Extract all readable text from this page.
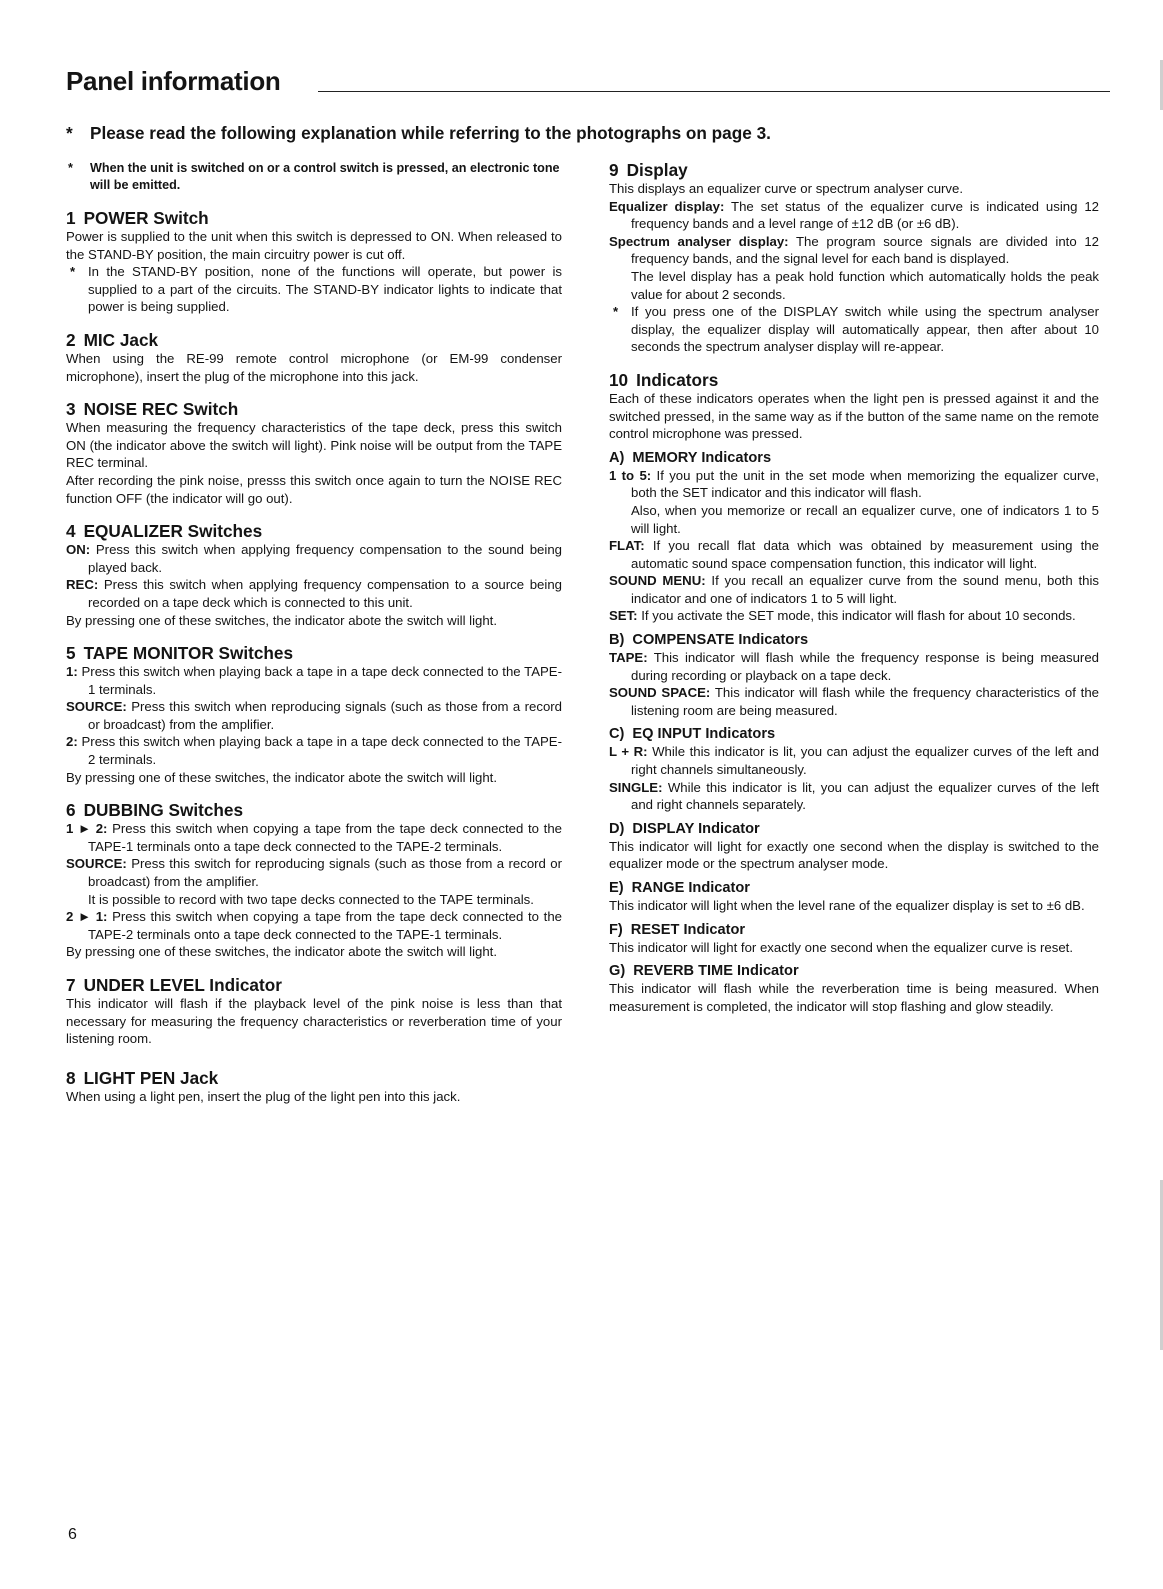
Panel information
* Please read the following explanation while referring to the photographs on page 3.
*	When the unit is switched on or a control switch is pressed, an electronic tone will be emitted.
1 POWER Switch

Power is supplied to the unit when this switch is depressed to ON. When released to the STAND-BY position, the main circuitry power is cut off.

* In the STAND-BY position, none of the functions will operate, but power is supplied to a part of the circuits. The STAND-BY indicator lights to indicate that power is being supplied.
2 MIC Jack

When using the RE-99 remote control microphone (or EM-99 condenser microphone), insert the plug of the microphone into this jack.

3 NOISE REC Switch

When measuring the frequency characteristics of the tape deck, press this switch ON (the indicator above the switch will light). Pink noise will be output from the TAPE REC terminal.

After recording the pink noise, presss this switch once again to turn the NOISE REC function OFF (the indicator will go out).

4 EQUALIZER Switches
ON: Press this switch when applying frequency compensation to the sound being played back.
REC: Press this switch when applying frequency compensation to a source being recorded on a tape deck which is connected to this unit.

By pressing one of these switches, the indicator abote the switch will light.

5 TAPE MONITOR Switches
1: Press this switch when playing back a tape in a tape deck connected to the TAPE-1 terminals.
SOURCE: Press this switch when reproducing signals (such as those from a record or broadcast) from the amplifier.
2: Press this switch when playing back a tape in a tape deck connected to the TAPE-2 terminals.

By pressing one of these switches, the indicator abote the switch will light.

6 DUBBING Switches
1 ► 2: Press this switch when copying a tape from the tape deck connected to the TAPE-1 terminals onto a tape deck connected to the TAPE-2 terminals.
SOURCE: Press this switch for reproducing signals (such as those from a record or broadcast) from the amplifier.
It is possible to record with two tape decks connected to the TAPE terminals.
2 ► 1: Press this switch when copying a tape from the tape deck connected to the TAPE-2 terminals onto a tape deck connected to the TAPE-1 terminals.

By pressing one of these switches, the indicator abote the switch will light.

7 UNDER LEVEL Indicator

This indicator will flash if the playback level of the pink noise is less than that necessary for measuring the frequency characteristics or reverberation time of your listening room.

8 LIGHT PEN Jack

When using a light pen, insert the plug of the light pen into this jack.

9 Display

This displays an equalizer curve or spectrum analyser curve.

Equalizer display: The set status of the equalizer curve is indicated using 12 frequency bands and a level range of ±12 dB (or ±6 dB).
Spectrum analyser display: The program source signals are divided into 12 frequency bands, and the signal level for each band is displayed.
The level display has a peak hold function which automatically holds the peak value for about 2 seconds.
* If you press one of the DISPLAY switch while using the spectrum analyser display, the equalizer display will automatically appear, then after about 10 seconds the spectrum analyser display will re-appear.
10 Indicators

Each of these indicators operates when the light pen is pressed against it and the switched pressed, in the same way as if the button of the same name on the remote control microphone was pressed.

A) MEMORY Indicators
1 to 5: If you put the unit in the set mode when memorizing the equalizer curve, both the SET indicator and this indicator will flash.
Also, when you memorize or recall an equalizer curve, one of indicators 1 to 5 will light.
FLAT: If you recall flat data which was obtained by measurement using the automatic sound space compensation function, this indicator will light.
SOUND MENU: If you recall an equalizer curve from the sound menu, both this indicator and one of indicators 1 to 5 will light.
SET: If you activate the SET mode, this indicator will flash for about 10 seconds.
B) COMPENSATE Indicators
TAPE: This indicator will flash while the frequency response is being measured during recording or playback on a tape deck.
SOUND SPACE: This indicator will flash while the frequency characteristics of the listening room are being measured.
C) EQ INPUT Indicators
L + R: While this indicator is lit, you can adjust the equalizer curves of the left and right channels simultaneously.
SINGLE: While this indicator is lit, you can adjust the equalizer curves of the left and right channels separately.
D) DISPLAY Indicator

This indicator will light for exactly one second when the display is switched to the equalizer mode or the spectrum analyser mode.

E) RANGE Indicator

This indicator will light when the level rane of the equalizer display is set to ±6 dB.

F) RESET Indicator

This indicator will light for exactly one second when the equalizer curve is reset.

G) REVERB TIME Indicator

This indicator will flash while the reverberation time is being measured. When measurement is completed, the indicator will stop flashing and glow steadily.

6
